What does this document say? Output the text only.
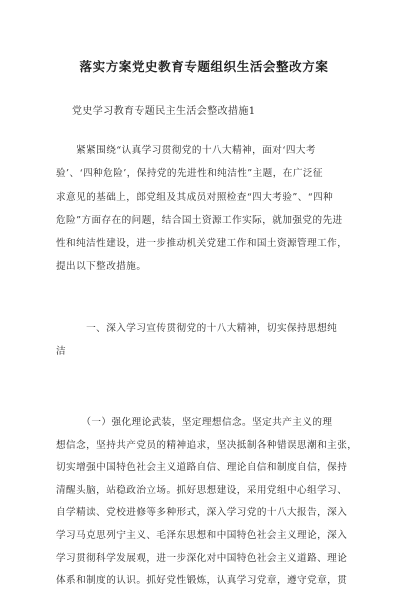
落实方案党史教育专题组织生活会整改方案
党史学习教育专题民主生活会整改措施1
　　紧紧围绕“认真学习贯彻党的十八大精神，面对‘四大考
验’、‘四种危险’，保持党的先进性和纯洁性”主题，在广泛征
求意见的基础上，郎党组及其成员对照检查“四大考验”、“四种
危险”方面存在的问题，结合国土资源工作实际，就加强党的先进
性和纯洁性建设，进一步推动机关党建工作和国土资源管理工作，
提出以下整改措施。
　　　一、深入学习宣传贯彻党的十八大精神，切实保持思想纯
洁
　　　（一）强化理论武装，坚定理想信念。坚定共产主义的理
想信念，坚持共产党员的精神追求，坚决抵制各种错误思潮和主张，
切实增强中国特色社会主义道路自信、理论自信和制度自信，保持
清醒头脑，站稳政治立场。抓好思想建设，采用党组中心组学习、
自学精读、党校进修等多种形式，深入学习党的十八大报告，深入
学习马克思列宁主义、毛泽东思想和中国特色社会主义理论，深入
学习贯彻科学发展观，进一步深化对中国特色社会主义道路、理论
体系和制度的认识。抓好党性锻炼，认真学习党章，遵守党章，贯
